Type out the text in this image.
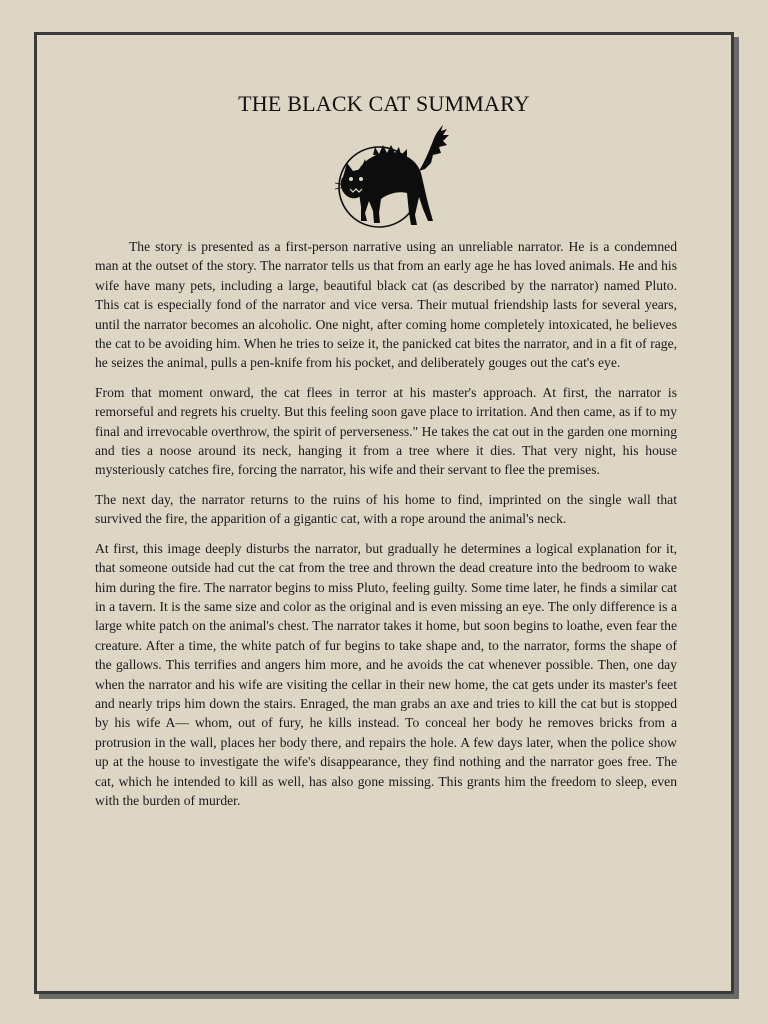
THE BLACK CAT SUMMARY

The story is presented as a first-person narrative using an unreliable narrator. He is a condemned man at the outset of the story. The narrator tells us that from an early age he has loved animals. He and his wife have many pets, including a large, beautiful black cat (as described by the narrator) named Pluto. This cat is especially fond of the narrator and vice versa. Their mutual friendship lasts for several years, until the narrator becomes an alcoholic. One night, after coming home completely intoxicated, he believes the cat to be avoiding him. When he tries to seize it, the panicked cat bites the narrator, and in a fit of rage, he seizes the animal, pulls a pen-knife from his pocket, and deliberately gouges out the cat's eye.

From that moment onward, the cat flees in terror at his master's approach. At first, the narrator is remorseful and regrets his cruelty. But this feeling soon gave place to irritation. And then came, as if to my final and irrevocable overthrow, the spirit of perverseness." He takes the cat out in the garden one morning and ties a noose around its neck, hanging it from a tree where it dies. That very night, his house mysteriously catches fire, forcing the narrator, his wife and their servant to flee the premises.

The next day, the narrator returns to the ruins of his home to find, imprinted on the single wall that survived the fire, the apparition of a gigantic cat, with a rope around the animal's neck.

At first, this image deeply disturbs the narrator, but gradually he determines a logical explanation for it, that someone outside had cut the cat from the tree and thrown the dead creature into the bedroom to wake him during the fire. The narrator begins to miss Pluto, feeling guilty. Some time later, he finds a similar cat in a tavern. It is the same size and color as the original and is even missing an eye. The only difference is a large white patch on the animal's chest. The narrator takes it home, but soon begins to loathe, even fear the creature. After a time, the white patch of fur begins to take shape and, to the narrator, forms the shape of the gallows. This terrifies and angers him more, and he avoids the cat whenever possible. Then, one day when the narrator and his wife are visiting the cellar in their new home, the cat gets under its master's feet and nearly trips him down the stairs. Enraged, the man grabs an axe and tries to kill the cat but is stopped by his wife A— whom, out of fury, he kills instead. To conceal her body he removes bricks from a protrusion in the wall, places her body there, and repairs the hole. A few days later, when the police show up at the house to investigate the wife's disappearance, they find nothing and the narrator goes free. The cat, which he intended to kill as well, has also gone missing. This grants him the freedom to sleep, even with the burden of murder.
